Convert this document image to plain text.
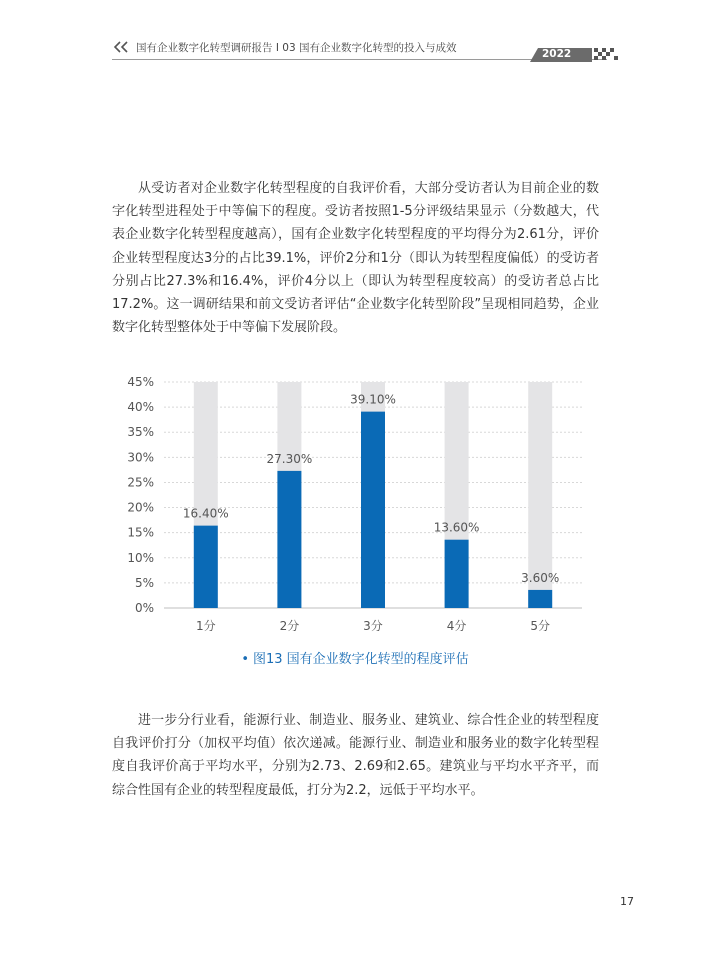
国有企业数字化转型调研报告 I 03 国有企业数字化转型的投入与成效	2022

从受访者对企业数字化转型程度的自我评价看，大部分受访者认为目前企业的数字化转型进程处于中等偏下的程度。受访者按照1-5分评级结果显示（分数越大，代表企业数字化转型程度越高），国有企业数字化转型程度的平均得分为2.61分，评价企业转型程度达3分的占比39.1%，评价2分和1分（即认为转型程度偏低）的受访者分别占比27.3%和16.4%，评价4分以上（即认为转型程度较高）的受访者总占比17.2%。这一调研结果和前文受访者评估“企业数字化转型阶段”呈现相同趋势，企业数字化转型整体处于中等偏下发展阶段。

0%
5%
10%
15%
20%
25%
30%
35%
40%
45%
16.40%
1分
27.30%
2分
39.10%
3分
13.60%
4分
3.60%
5分
• 图13 国有企业数字化转型的程度评估

进一步分行业看，能源行业、制造业、服务业、建筑业、综合性企业的转型程度自我评价打分（加权平均值）依次递减。能源行业、制造业和服务业的数字化转型程度自我评价高于平均水平，分别为2.73、2.69和2.65。建筑业与平均水平齐平，而综合性国有企业的转型程度最低，打分为2.2，远低于平均水平。

17
